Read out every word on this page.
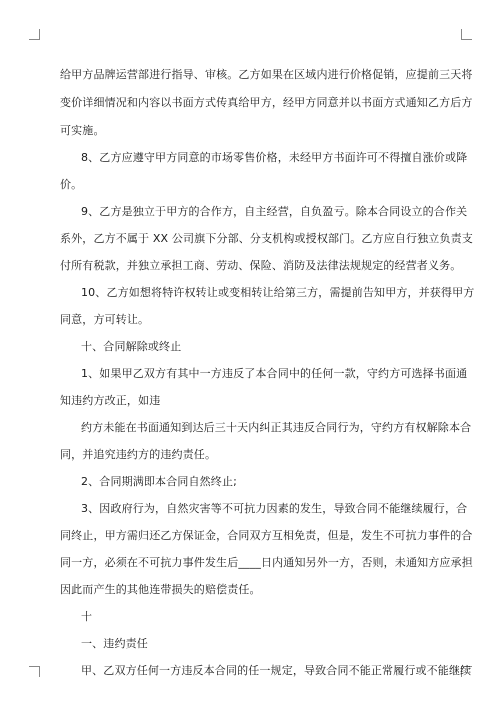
给甲方品牌运营部进行指导、审核。乙方如果在区域内进行价格促销，应提前三天将
变价详细情况和内容以书面方式传真给甲方，经甲方同意并以书面方式通知乙方后方
可实施。
8、乙方应遵守甲方同意的市场零售价格，未经甲方书面许可不得擅自涨价或降
价。
9、乙方是独立于甲方的合作方，自主经营，自负盈亏。除本合同设立的合作关
系外，乙方不属于 XX 公司旗下分部、分支机构或授权部门。乙方应自行独立负责支
付所有税款，并独立承担工商、劳动、保险、消防及法律法规规定的经营者义务。
10、乙方如想将特许权转让或变相转让给第三方，需提前告知甲方，并获得甲方
同意，方可转让。
十、合同解除或终止
1、如果甲乙双方有其中一方违反了本合同中的任何一款，守约方可选择书面通
知违约方改正，如违
约方未能在书面通知到达后三十天内纠正其违反合同行为，守约方有权解除本合
同，并追究违约方的违约责任。
2、合同期满即本合同自然终止;
3、因政府行为，自然灾害等不可抗力因素的发生，导致合同不能继续履行，合
同终止，甲方需归还乙方保证金，合同双方互相免责，但是，发生不可抗力事件的合
同一方，必须在不可抗力事件发生后____日内通知另外一方，否则，未通知方应承担
因此而产生的其他连带损失的赔偿责任。
十
一、违约责任
甲、乙双方任何一方违反本合同的任一规定，导致合同不能正常履行或不能继续
